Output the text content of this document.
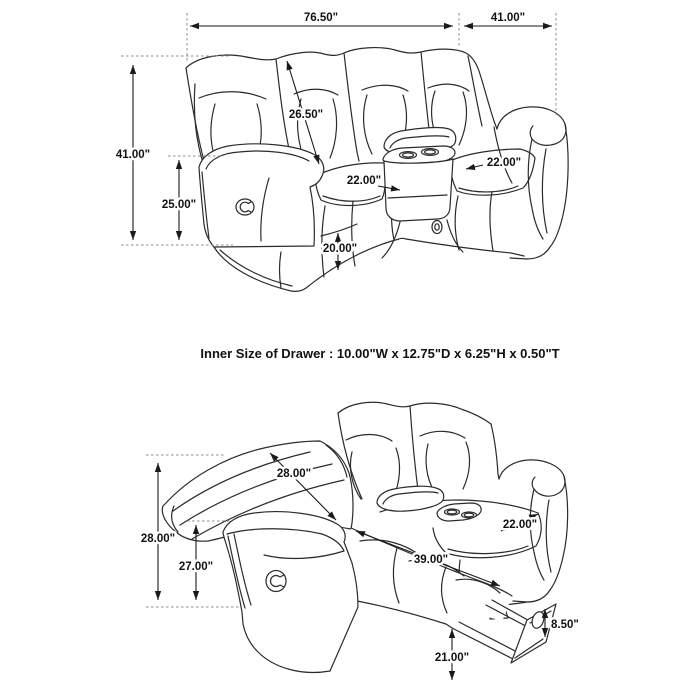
76.50"	41.00"
41.00"
25.00"
26.50"
22.00"
22.00"
20.00"
Inner Size of Drawer : 10.00"W x 12.75"D x 6.25"H x 0.50"T
28.00"
27.00"
28.00"
22.00"
39.00"
8.50"
21.00"
